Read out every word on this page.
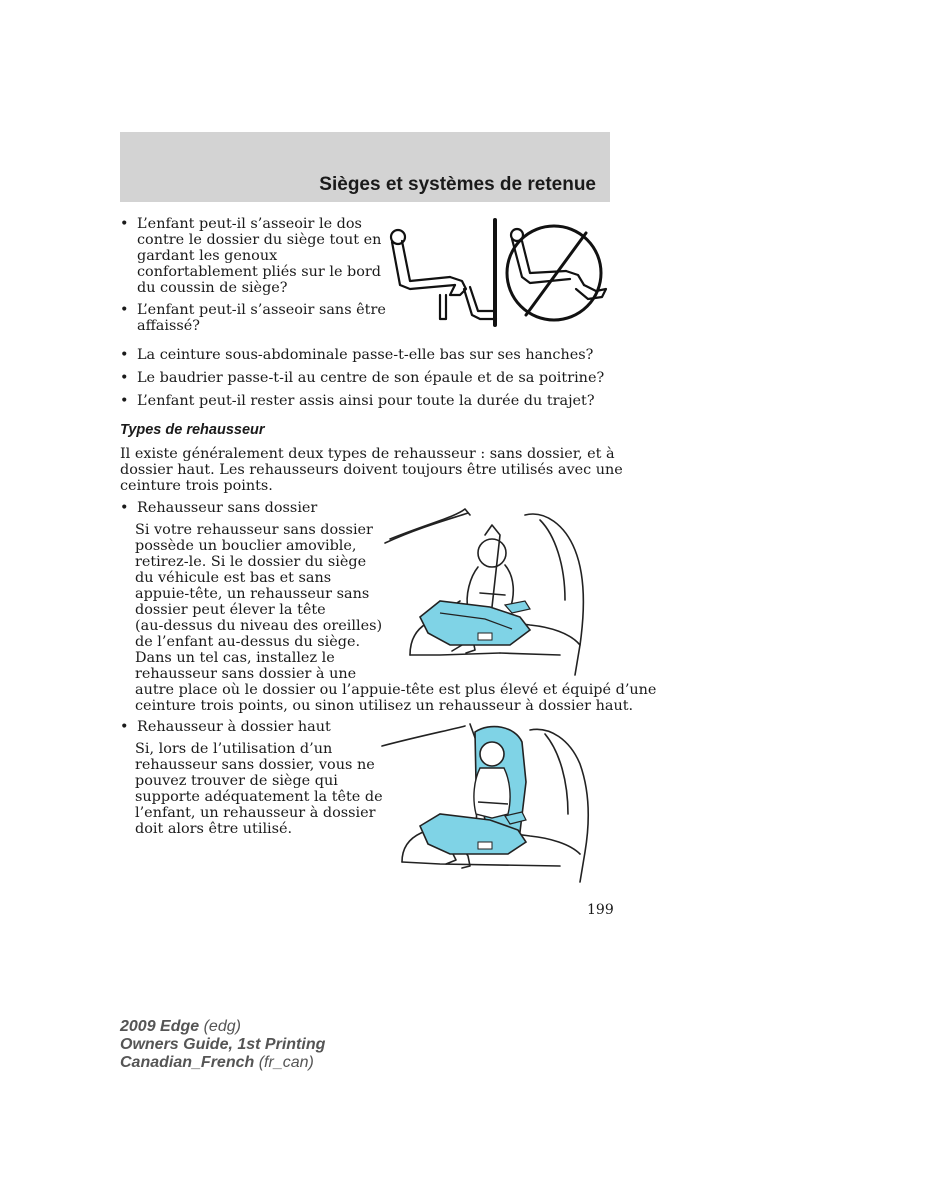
Sièges et systèmes de retenue
• L’enfant peut-il s’asseoir le dos
contre le dossier du siège tout en
gardant les genoux
confortablement pliés sur le bord
du coussin de siège?
• L’enfant peut-il s’asseoir sans être
affaissé?
• La ceinture sous-abdominale passe-t-elle bas sur ses hanches?
• Le baudrier passe-t-il au centre de son épaule et de sa poitrine?
• L’enfant peut-il rester assis ainsi pour toute la durée du trajet?
Types de rehausseur
Il existe généralement deux types de rehausseur : sans dossier, et à
dossier haut. Les rehausseurs doivent toujours être utilisés avec une
ceinture trois points.
• Rehausseur sans dossier
Si votre rehausseur sans dossier
possède un bouclier amovible,
retirez-le. Si le dossier du siège
du véhicule est bas et sans
appuie-tête, un rehausseur sans
dossier peut élever la tête
(au-dessus du niveau des oreilles)
de l’enfant au-dessus du siège.
Dans un tel cas, installez le
rehausseur sans dossier à une
autre place où le dossier ou l’appuie-tête est plus élevé et équipé d’une
ceinture trois points, ou sinon utilisez un rehausseur à dossier haut.
• Rehausseur à dossier haut
Si, lors de l’utilisation d’un
rehausseur sans dossier, vous ne
pouvez trouver de siège qui
supporte adéquatement la tête de
l’enfant, un rehausseur à dossier
doit alors être utilisé.
199
2009 Edge (edg)
Owners Guide, 1st Printing
Canadian_French (fr_can)
